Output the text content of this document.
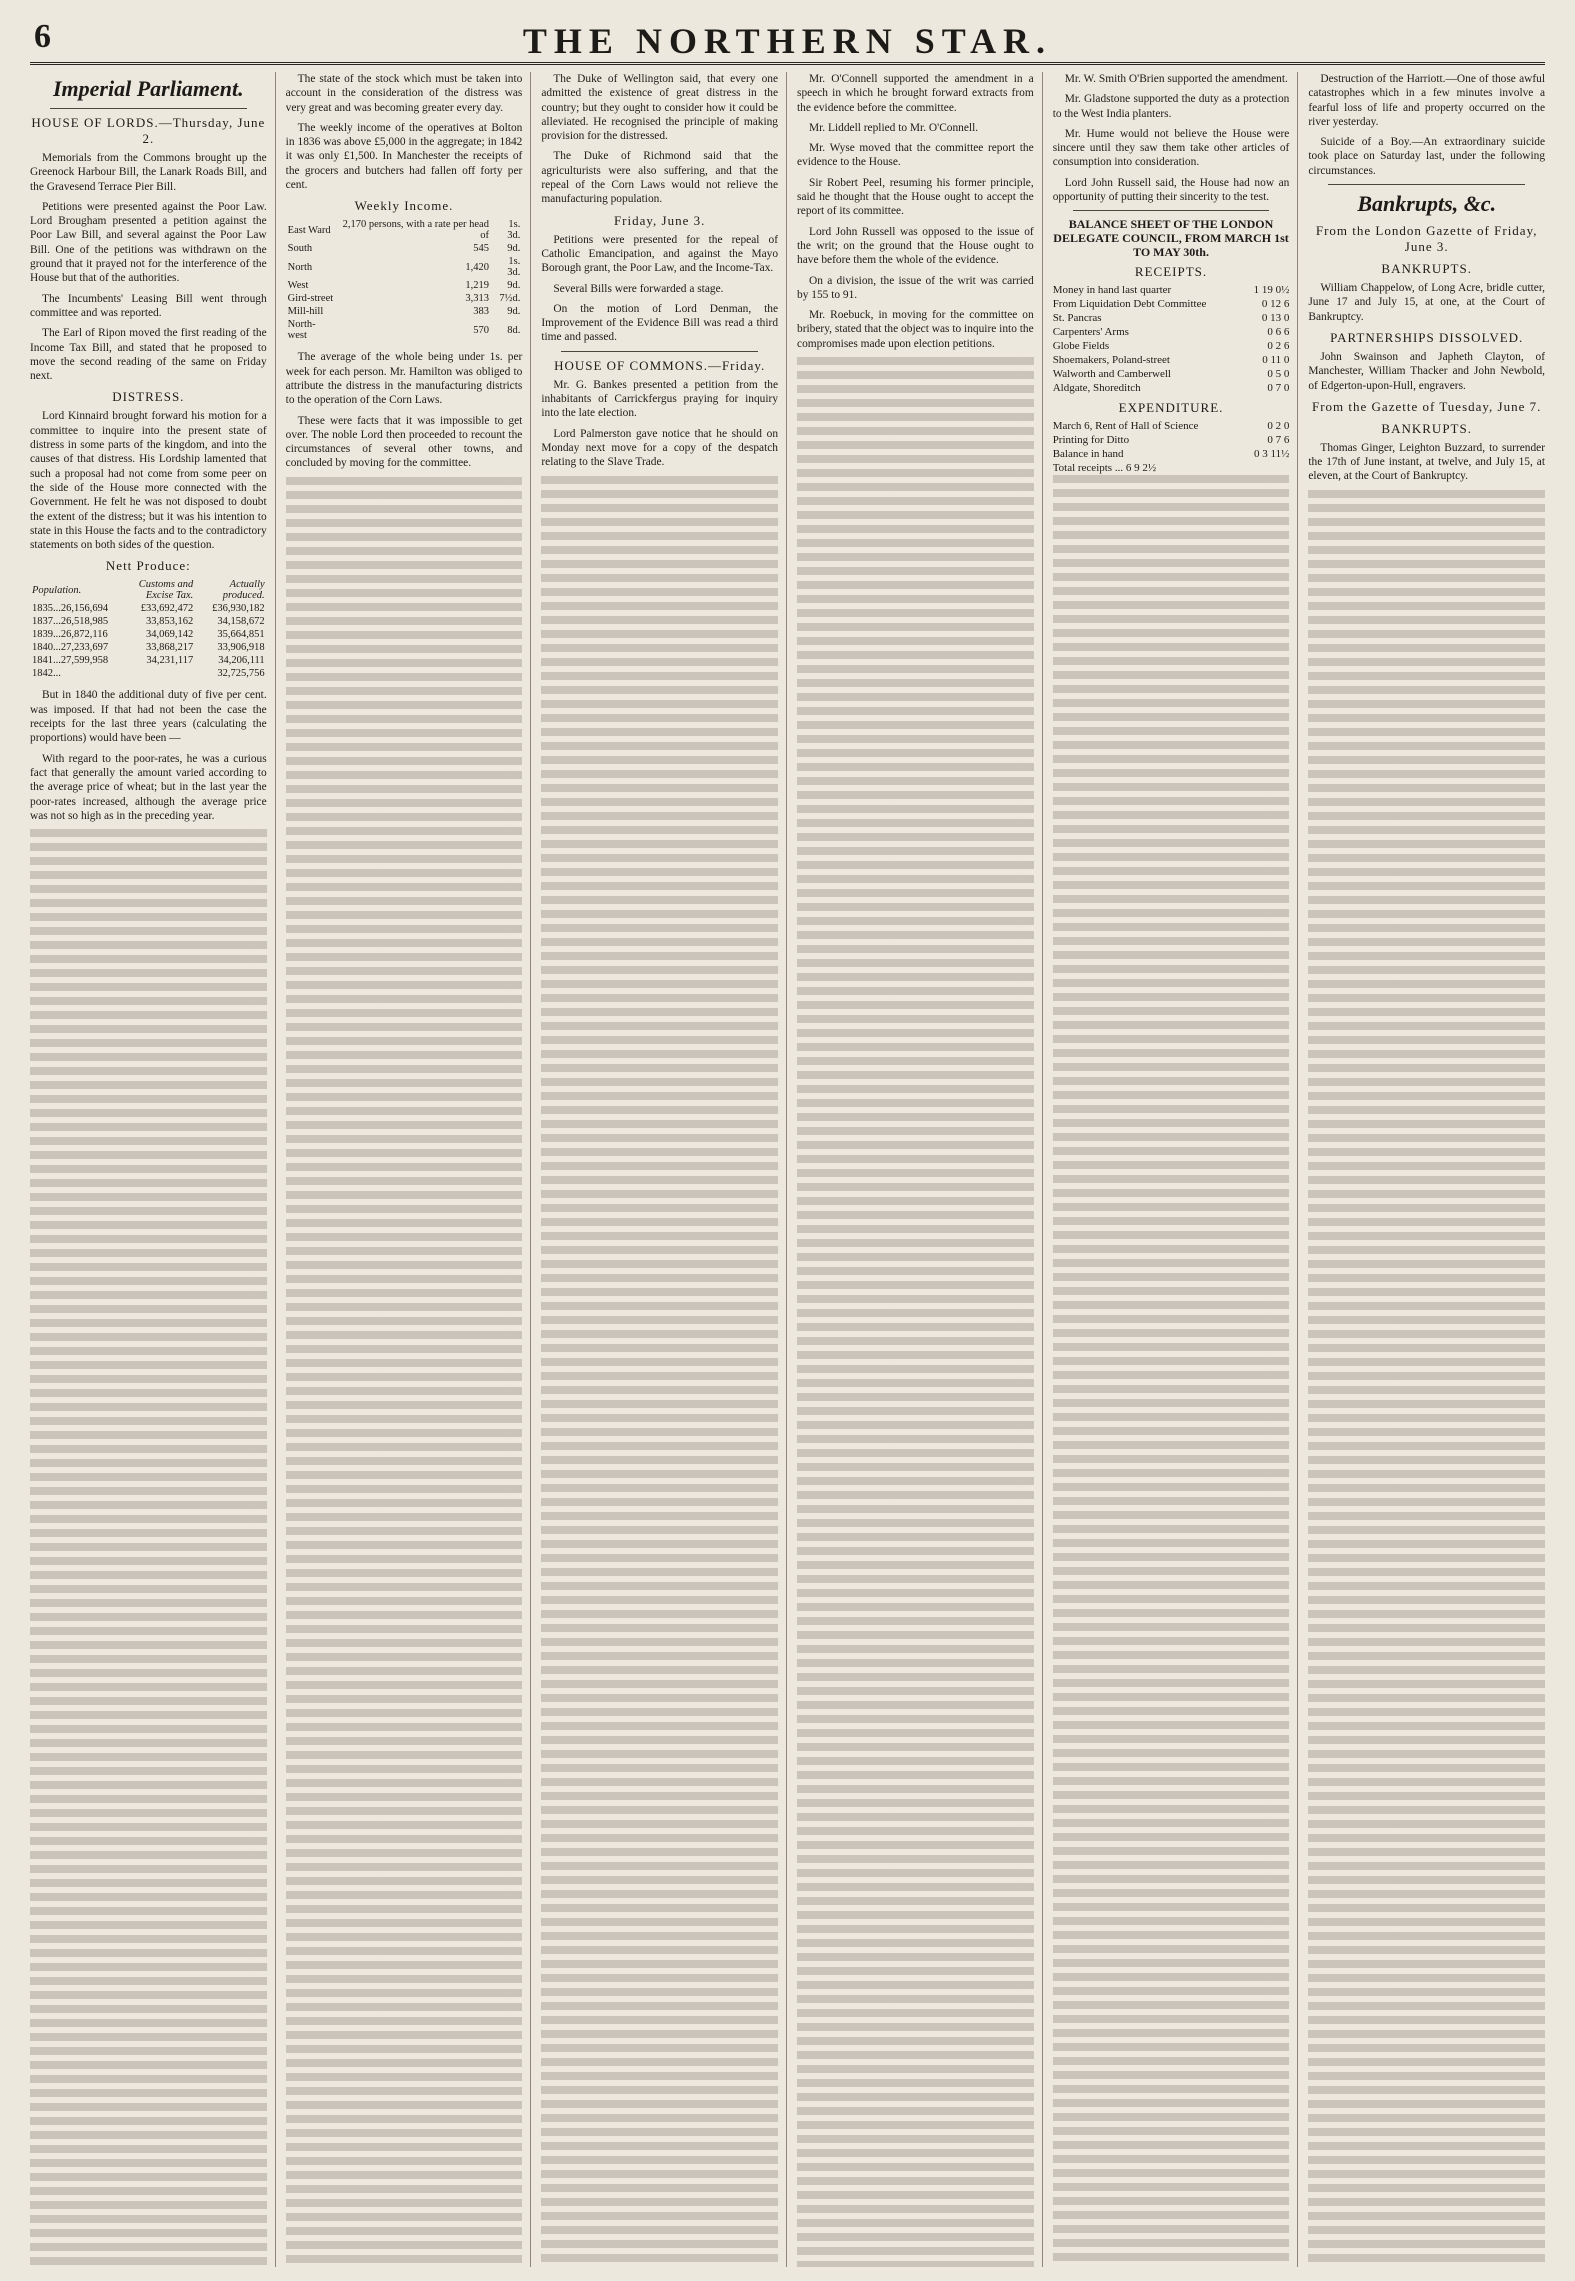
6	THE NORTHERN STAR.
Imperial Parliament.
HOUSE OF LORDS.—Thursday, June 2.

Memorials from the Commons brought up the Greenock Harbour Bill, the Lanark Roads Bill, and the Gravesend Terrace Pier Bill.

Petitions were presented against the Poor Law. Lord Brougham presented a petition against the Poor Law Bill, and several against the Poor Law Bill. One of the petitions was withdrawn on the ground that it prayed not for the interference of the House but that of the authorities.

The Incumbents' Leasing Bill went through committee and was reported.

The Earl of Ripon moved the first reading of the Income Tax Bill, and stated that he proposed to move the second reading of the same on Friday next.

DISTRESS.

Lord Kinnaird brought forward his motion for a committee to inquire into the present state of distress in some parts of the kingdom, and into the causes of that distress. His Lordship lamented that such a proposal had not come from some peer on the side of the House more connected with the Government. He felt he was not disposed to doubt the extent of the distress; but it was his intention to state in this House the facts and to the contradictory statements on both sides of the question.

Nett Produce:
Population.	Customs and Excise Tax.	Actually produced.
1835...26,156,694	£33,692,472	£36,930,182
1837...26,518,985	33,853,162	34,158,672
1839...26,872,116	34,069,142	35,664,851
1840...27,233,697	33,868,217	33,906,918
1841...27,599,958	34,231,117	34,206,111
1842...		32,725,756

But in 1840 the additional duty of five per cent. was imposed. If that had not been the case the receipts for the last three years (calculating the proportions) would have been —

With regard to the poor-rates, he was a curious fact that generally the amount varied according to the average price of wheat; but in the last year the poor-rates increased, although the average price was not so high as in the preceding year.

The state of the stock which must be taken into account in the consideration of the distress was very great and was becoming greater every day.

The weekly income of the operatives at Bolton in 1836 was above £5,000 in the aggregate; in 1842 it was only £1,500. In Manchester the receipts of the grocers and butchers had fallen off forty per cent.

Weekly Income.
East Ward	2,170 persons, with a rate per head of	1s. 3d.
South	545	9d.
North	1,420	1s. 3d.
West	1,219	9d.
Gird-street	3,313	7½d.
Mill-hill	383	9d.
North-west	570	8d.

The average of the whole being under 1s. per week for each person. Mr. Hamilton was obliged to attribute the distress in the manufacturing districts to the operation of the Corn Laws.

These were facts that it was impossible to get over. The noble Lord then proceeded to recount the circumstances of several other towns, and concluded by moving for the committee.

The Duke of Wellington said, that every one admitted the existence of great distress in the country; but they ought to consider how it could be alleviated. He recognised the principle of making provision for the distressed.

The Duke of Richmond said that the agriculturists were also suffering, and that the repeal of the Corn Laws would not relieve the manufacturing population.

Friday, June 3.

Petitions were presented for the repeal of Catholic Emancipation, and against the Mayo Borough grant, the Poor Law, and the Income-Tax.

Several Bills were forwarded a stage.

On the motion of Lord Denman, the Improvement of the Evidence Bill was read a third time and passed.

HOUSE OF COMMONS.—Friday.

Mr. G. Bankes presented a petition from the inhabitants of Carrickfergus praying for inquiry into the late election.

Lord Palmerston gave notice that he should on Monday next move for a copy of the despatch relating to the Slave Trade.

Mr. O'Connell supported the amendment in a speech in which he brought forward extracts from the evidence before the committee.

Mr. Liddell replied to Mr. O'Connell.

Mr. Wyse moved that the committee report the evidence to the House.

Sir Robert Peel, resuming his former principle, said he thought that the House ought to accept the report of its committee.

Lord John Russell was opposed to the issue of the writ; on the ground that the House ought to have before them the whole of the evidence.

On a division, the issue of the writ was carried by 155 to 91.

Mr. Roebuck, in moving for the committee on bribery, stated that the object was to inquire into the compromises made upon election petitions.

Mr. W. Smith O'Brien supported the amendment.

Mr. Gladstone supported the duty as a protection to the West India planters.

Mr. Hume would not believe the House were sincere until they saw them take other articles of consumption into consideration.

Lord John Russell said, the House had now an opportunity of putting their sincerity to the test.

BALANCE SHEET OF THE LONDON DELEGATE COUNCIL, FROM MARCH 1st TO MAY 30th.
RECEIPTS.
Money in hand last quarter	1 19 0½
From Liquidation Debt Committee	0 12 6
St. Pancras	0 13 0
Carpenters' Arms	0 6 6
Globe Fields	0 2 6
Shoemakers, Poland-street	0 11 0
Walworth and Camberwell	0 5 0
Aldgate, Shoreditch	0 7 0
EXPENDITURE.
March 6, Rent of Hall of Science	0 2 0
Printing for Ditto	0 7 6
Balance in hand	0 3 11½
Total receipts ... 6 9 2½

Destruction of the Harriott.—One of those awful catastrophes which in a few minutes involve a fearful loss of life and property occurred on the river yesterday.

Suicide of a Boy.—An extraordinary suicide took place on Saturday last, under the following circumstances.

Bankrupts, &c.
From the London Gazette of Friday, June 3.
BANKRUPTS.

William Chappelow, of Long Acre, bridle cutter, June 17 and July 15, at one, at the Court of Bankruptcy.

PARTNERSHIPS DISSOLVED.

John Swainson and Japheth Clayton, of Manchester, William Thacker and John Newbold, of Edgerton-upon-Hull, engravers.

From the Gazette of Tuesday, June 7.
BANKRUPTS.

Thomas Ginger, Leighton Buzzard, to surrender the 17th of June instant, at twelve, and July 15, at eleven, at the Court of Bankruptcy.
